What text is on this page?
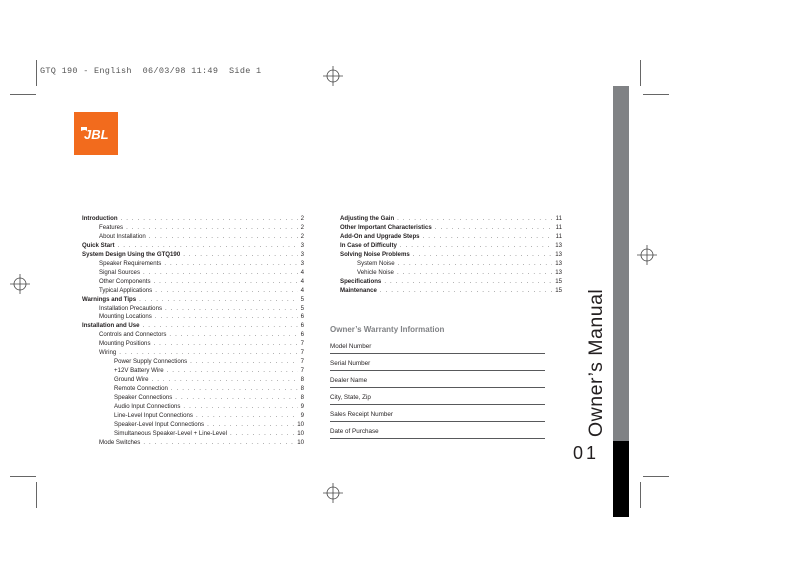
GTQ 190 - English  06/03/98 11:49  Side 1
JBL
Introduction . . .	2
Features . . .	2
About Installation . . .	2
Quick Start . . .	3
System Design Using the GTQ190 . . .	3
Speaker Requirements . . .	3
Signal Sources . . .	4
Other Components . . .	4
Typical Applications . . .	4
Warnings and Tips . . .	5
Installation Precautions . . .	5
Mounting Locations . . .	6
Installation and Use . . .	6
Controls and Connectors . . .	6
Mounting Positions . . .	7
Wiring . . .	7
Power Supply Connections . . .	7
+12V Battery Wire . . .	7
Ground Wire . . .	8
Remote Connection . . .	8
Speaker Connections . . .	8
Audio Input Connections . . .	9
Line-Level Input Connections . . .	9
Speaker-Level Input Connections . . .	10
Simultaneous Speaker-Level + Line-Level . . .	10
Mode Switches . . .	10
Adjusting the Gain . . .	11
Other Important Characteristics . . .	11
Add-On and Upgrade Steps . . .	11
In Case of Difficulty . . .	13
Solving Noise Problems . . .	13
System Noise . . .	13
Vehicle Noise . . .	13
Specifications . . .	15
Maintenance . . .	15
Owner’s Warranty Information
Model Number
Serial Number
Dealer Name
City, State, Zip
Sales Receipt Number
Date of Purchase	Owner’s Manual
01
